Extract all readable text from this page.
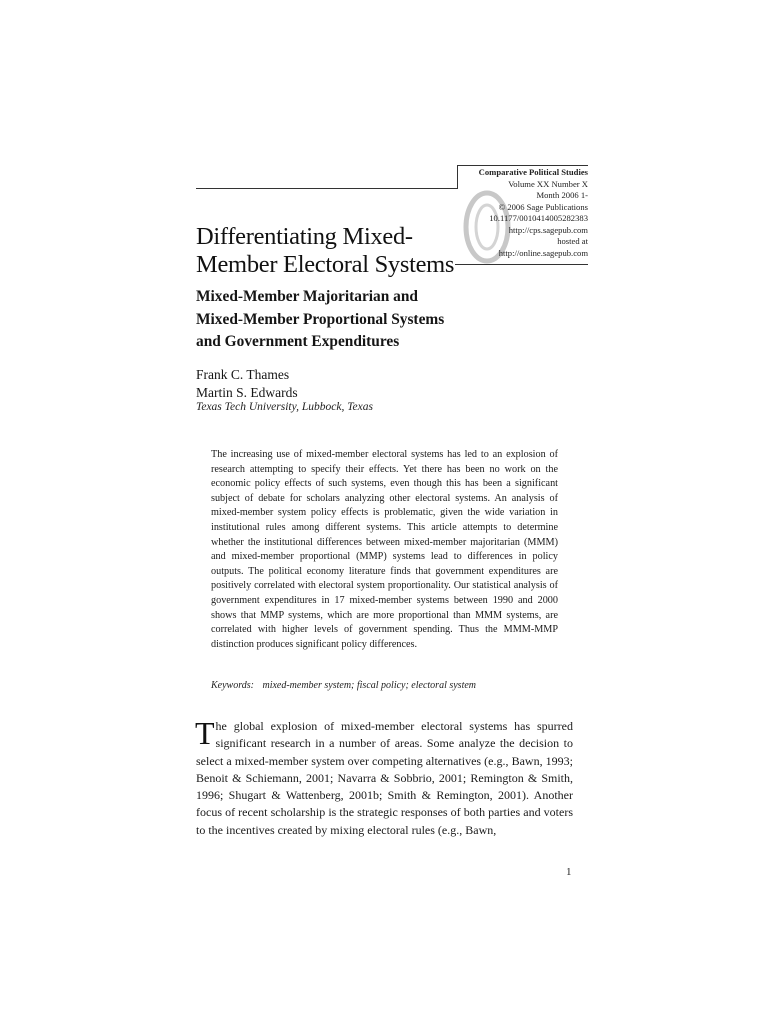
Comparative Political Studies
Volume XX Number X
Month 2006 1-
© 2006 Sage Publications
10.1177/0010414005282383
http://cps.sagepub.com
hosted at
http://online.sagepub.com
Differentiating Mixed-
Member Electoral Systems
Mixed-Member Majoritarian and
Mixed-Member Proportional Systems
and Government Expenditures
Frank C. Thames
Martin S. Edwards
Texas Tech University, Lubbock, Texas
The increasing use of mixed-member electoral systems has led to an explosion of research attempting to specify their effects. Yet there has been no work on the economic policy effects of such systems, even though this has been a significant subject of debate for scholars analyzing other electoral systems. An analysis of mixed-member system policy effects is problematic, given the wide variation in institutional rules among different systems. This article attempts to determine whether the institutional differences between mixed-member majoritarian (MMM) and mixed-member proportional (MMP) systems lead to differences in policy outputs. The political economy literature finds that government expenditures are positively correlated with electoral system proportionality. Our statistical analysis of government expenditures in 17 mixed-member systems between 1990 and 2000 shows that MMP systems, which are more proportional than MMM systems, are correlated with higher levels of government spending. Thus the MMM-MMP distinction produces significant policy differences.
Keywords: mixed-member system; fiscal policy; electoral system
The global explosion of mixed-member electoral systems has spurred significant research in a number of areas. Some analyze the decision to select a mixed-member system over competing alternatives (e.g., Bawn, 1993; Benoit & Schiemann, 2001; Navarra & Sobbrio, 2001; Remington & Smith, 1996; Shugart & Wattenberg, 2001b; Smith & Remington, 2001). Another focus of recent scholarship is the strategic responses of both parties and voters to the incentives created by mixing electoral rules (e.g., Bawn,
1
